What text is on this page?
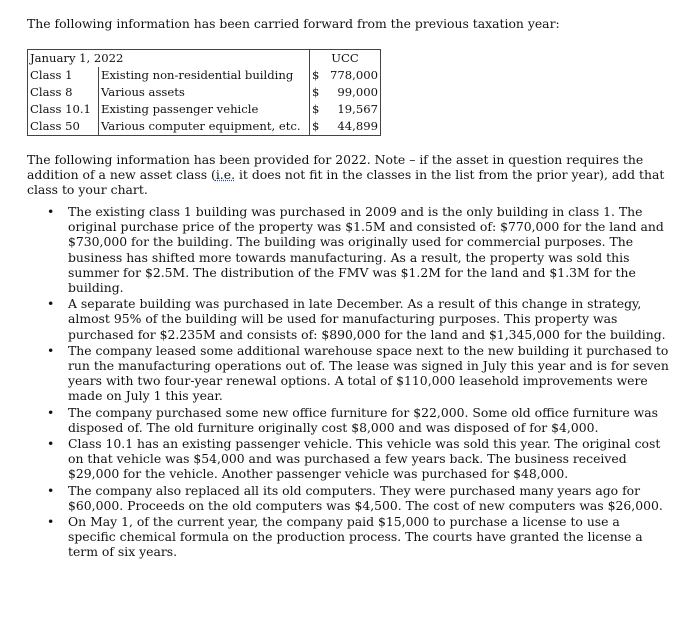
The following information has been carried forward from the previous taxation year:
January 1, 2022		UCC
Class 1	Existing non-residential building	$ 778,000

Class 8	Various assets	$ 99,000

Class 10.1	Existing passenger vehicle	$ 19,567

Class 50	Various computer equipment, etc.	$ 44,899
The following information has been provided for 2022. Note – if the asset in question requires the addition of a new asset class (i.e. it does not fit in the classes in the list from the prior year), add that class to your chart.
• The existing class 1 building was purchased in 2009 and is the only building in class 1. The original purchase price of the property was $1.5M and consisted of: $770,000 for the land and $730,000 for the building. The building was originally used for commercial purposes. The business has shifted more towards manufacturing. As a result, the property was sold this summer for $2.5M. The distribution of the FMV was $1.2M for the land and $1.3M for the building.
• A separate building was purchased in late December. As a result of this change in strategy, almost 95% of the building will be used for manufacturing purposes. This property was purchased for $2.235M and consists of: $890,000 for the land and $1,345,000 for the building.
• The company leased some additional warehouse space next to the new building it purchased to run the manufacturing operations out of. The lease was signed in July this year and is for seven years with two four-year renewal options. A total of $110,000 leasehold improvements were made on July 1 this year.
• The company purchased some new office furniture for $22,000. Some old office furniture was disposed of. The old furniture originally cost $8,000 and was disposed of for $4,000.
• Class 10.1 has an existing passenger vehicle. This vehicle was sold this year. The original cost on that vehicle was $54,000 and was purchased a few years back. The business received $29,000 for the vehicle. Another passenger vehicle was purchased for $48,000.
• The company also replaced all its old computers. They were purchased many years ago for $60,000. Proceeds on the old computers was $4,500. The cost of new computers was $26,000.
• On May 1, of the current year, the company paid $15,000 to purchase a license to use a specific chemical formula on the production process. The courts have granted the license a term of six years.
